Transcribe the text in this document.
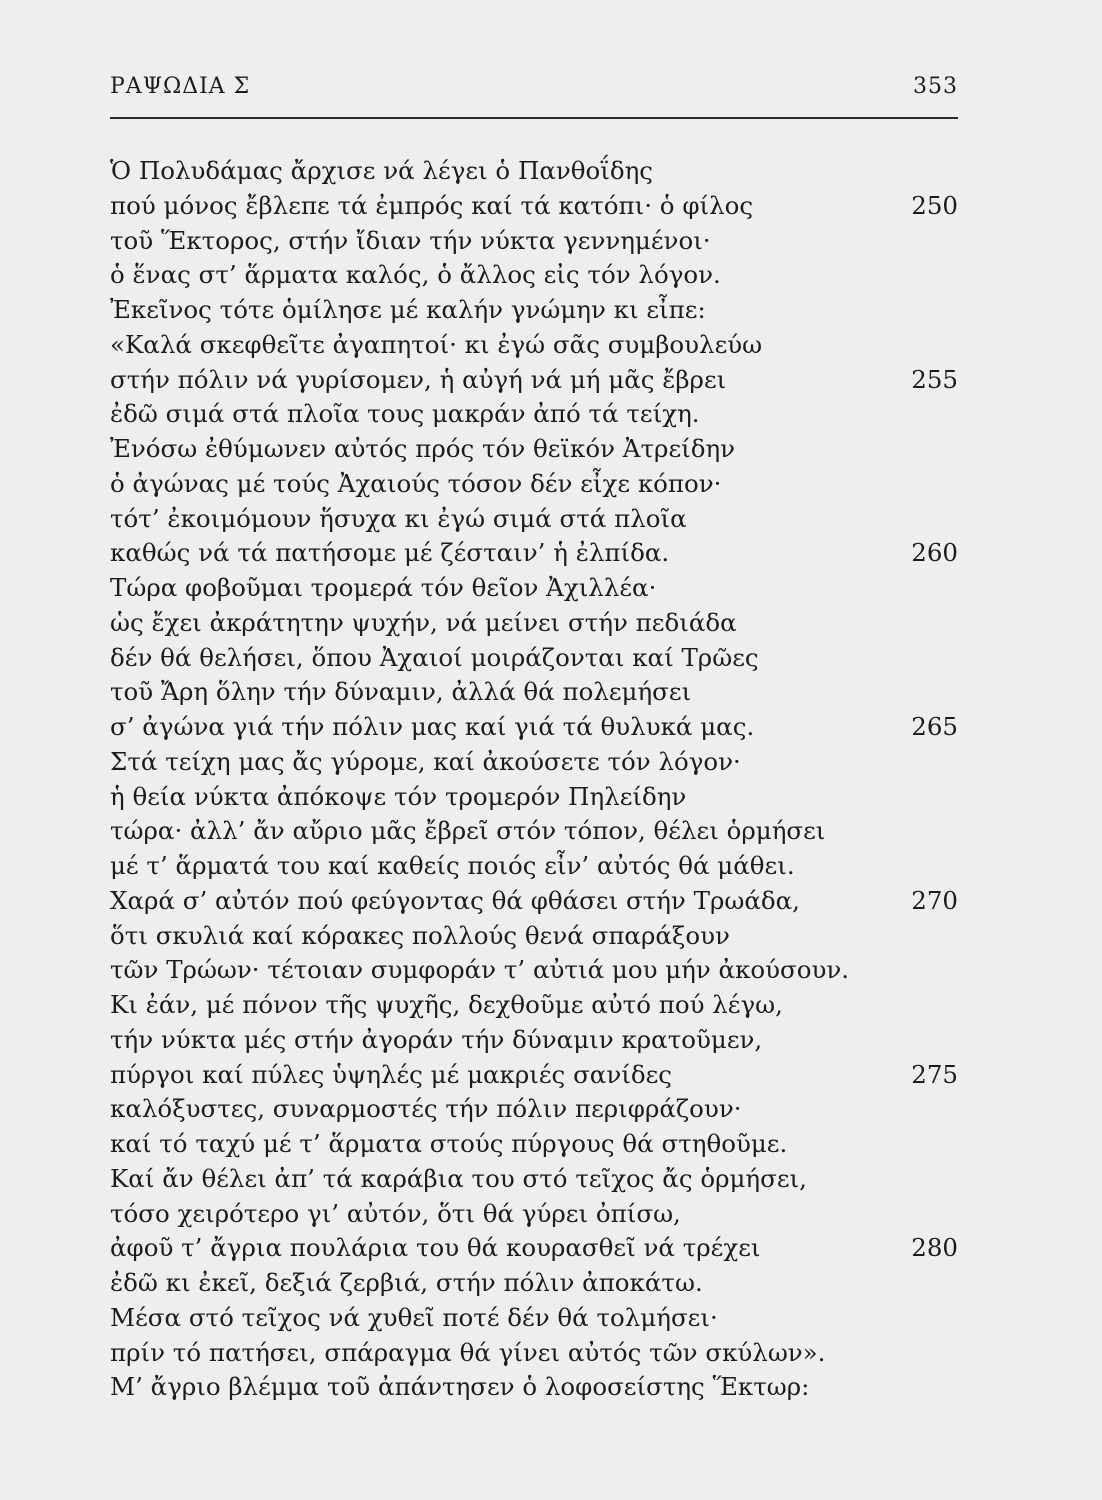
ΡΑΨΩΔΙΑ Σ	353
Ὁ Πολυδάμας ἄρχισε νά λέγει ὁ Πανθοΐδης
πού μόνος ἔβλεπε τά ἐμπρός καί τά κατόπι· ὁ φίλος	250
τοῦ Ἕκτορος, στήν ἴδιαν τήν νύκτα γεννημένοι·
ὁ ἕνας στ’ ἅρματα καλός, ὁ ἄλλος εἰς τόν λόγον.
Ἐκεῖνος τότε ὁμίλησε μέ καλήν γνώμην κι εἶπε:
«Καλά σκεφθεῖτε ἀγαπητοί· κι ἐγώ σᾶς συμβουλεύω
στήν πόλιν νά γυρίσομεν, ἡ αὐγή νά μή μᾶς ἔβρει	255
ἐδῶ σιμά στά πλοῖα τους μακράν ἀπό τά τείχη.
Ἐνόσω ἐθύμωνεν αὐτός πρός τόν θεϊκόν Ἀτρείδην
ὁ ἀγώνας μέ τούς Ἀχαιούς τόσον δέν εἶχε κόπον·
τότ’ ἐκοιμόμουν ἥσυχα κι ἐγώ σιμά στά πλοῖα
καθώς νά τά πατήσομε μέ ζέσταιν’ ἡ ἐλπίδα.	260
Τώρα φοβοῦμαι τρομερά τόν θεῖον Ἀχιλλέα·
ὡς ἔχει ἀκράτητην ψυχήν, νά μείνει στήν πεδιάδα
δέν θά θελήσει, ὅπου Ἀχαιοί μοιράζονται καί Τρῶες
τοῦ Ἄρη ὅλην τήν δύναμιν, ἀλλά θά πολεμήσει
σ’ ἀγώνα γιά τήν πόλιν μας καί γιά τά θυλυκά μας.	265
Στά τείχη μας ἄς γύρομε, καί ἀκούσετε τόν λόγον·
ἡ θεία νύκτα ἀπόκοψε τόν τρομερόν Πηλείδην
τώρα· ἀλλ’ ἄν αὔριο μᾶς ἔβρεῖ στόν τόπον, θέλει ὁρμήσει
μέ τ’ ἅρματά του καί καθείς ποιός εἶν’ αὐτός θά μάθει.
Χαρά σ’ αὐτόν πού φεύγοντας θά φθάσει στήν Τρωάδα,	270
ὅτι σκυλιά καί κόρακες πολλούς θενά σπαράξουν
τῶν Τρώων· τέτοιαν συμφοράν τ’ αὐτιά μου μήν ἀκούσουν.
Κι ἐάν, μέ πόνον τῆς ψυχῆς, δεχθοῦμε αὐτό πού λέγω,
τήν νύκτα μές στήν ἀγοράν τήν δύναμιν κρατοῦμεν,
πύργοι καί πύλες ὑψηλές μέ μακριές σανίδες	275
καλόξυστες, συναρμοστές τήν πόλιν περιφράζουν·
καί τό ταχύ μέ τ’ ἅρματα στούς πύργους θά στηθοῦμε.
Καί ἄν θέλει ἀπ’ τά καράβια του στό τεῖχος ἄς ὁρμήσει,
τόσο χειρότερο γι’ αὐτόν, ὅτι θά γύρει ὀπίσω,
ἀφοῦ τ’ ἄγρια πουλάρια του θά κουρασθεῖ νά τρέχει	280
ἐδῶ κι ἐκεῖ, δεξιά ζερβιά, στήν πόλιν ἀποκάτω.
Μέσα στό τεῖχος νά χυθεῖ ποτέ δέν θά τολμήσει·
πρίν τό πατήσει, σπάραγμα θά γίνει αὐτός τῶν σκύλων».
Μ’ ἄγριο βλέμμα τοῦ ἀπάντησεν ὁ λοφοσείστης Ἕκτωρ:
